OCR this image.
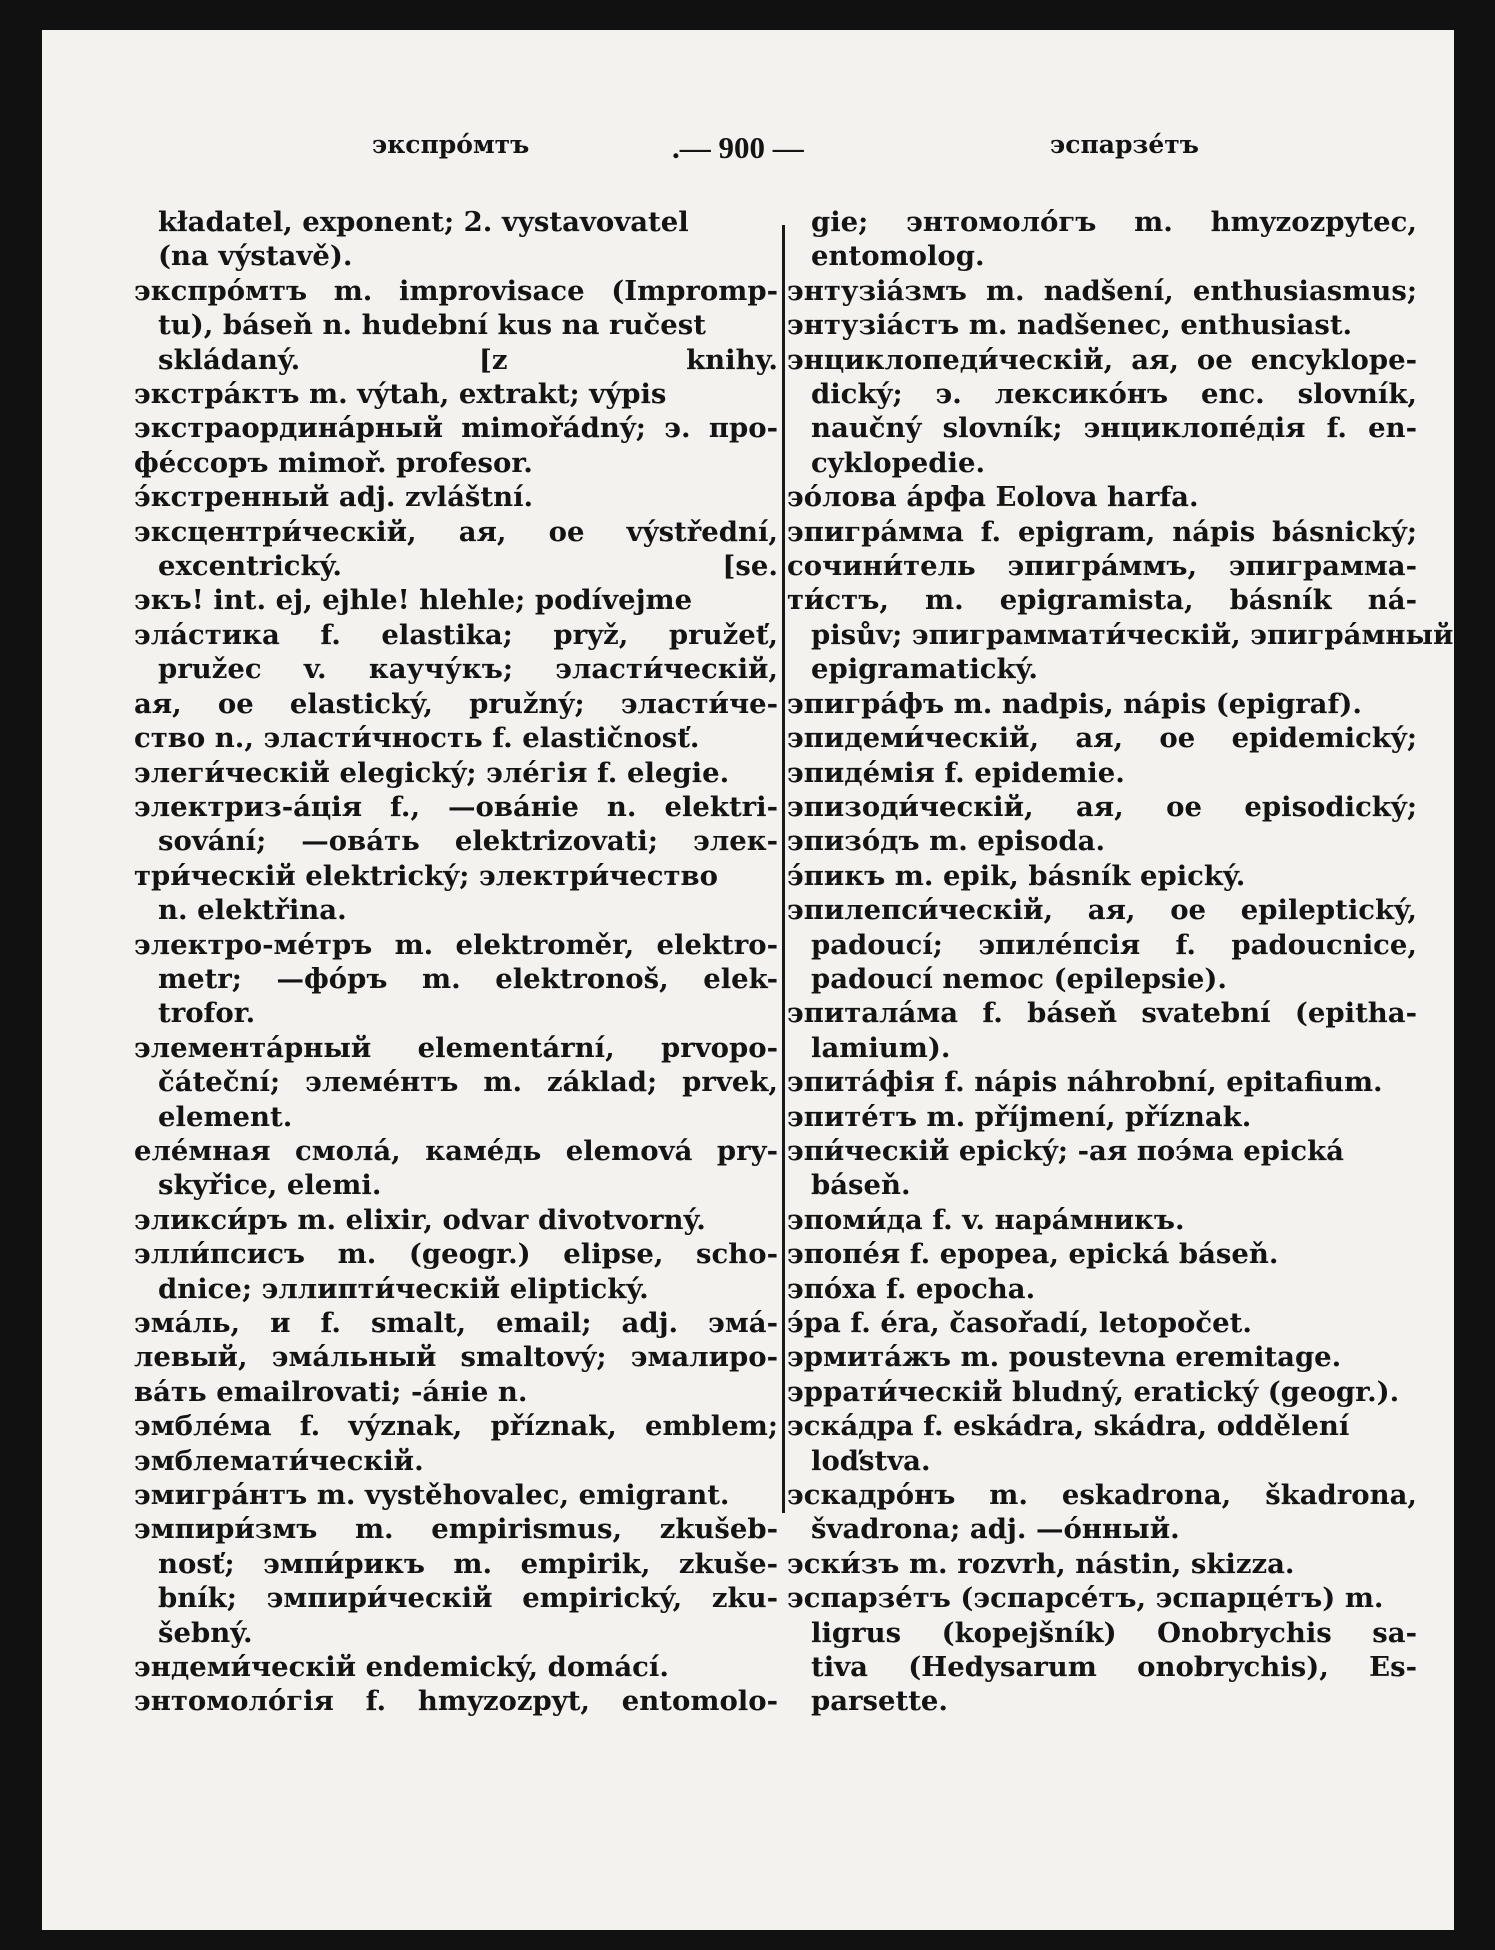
экспро́мтъ	.— 900 —	эспарзе́тъ
kładatel, exponent; 2. vystavovatel
(na výstavě).
экспро́мтъ m. improvisace (Impromp-
tu), báseň n. hudební kus na ručest
skládaný. [z knihy.
экстра́ктъ m. výtah, extrakt; výpis
экстраордина́рный mimořádný; э. про-
фе́ссоръ mimoř. profesor.
э́кстренный adj. zvláštní.
эксцентри́ческій, ая, ое výstřední,
excentrický. [se.
экъ! int. ej, ejhle! hlehle; podívejme
эла́стика f. elastika; pryž, pružeť,
pružec v. каучу́къ; эласти́ческій,
ая, ое elastický, pružný; эласти́че-
ство n., эласти́чность f. elastičnosť.
элеги́ческій elegický; эле́гія f. elegie.
электриз-а́ція f., —ова́ніе n. elektri-
sování; —ова́ть elektrizovati; элек-
три́ческій elektrický; электри́чество
n. elektřina.
электро-ме́тръ m. elektroměr, elektro-
metr; —фо́ръ m. elektronoš, elek-
trofor.
элемента́рный elementární, prvopo-
čáteční; элеме́нтъ m. základ; prvek,
element.
еле́мная смола́, каме́дь elemová pry-
skyřice, elemi.
эликси́ръ m. elixir, odvar divotvorný.
элли́псисъ m. (geogr.) elipse, scho-
dnice; эллипти́ческій eliptický.
эма́ль, и f. smalt, email; adj. эма́-
левый, эма́льный smaltový; эмалиро-
ва́ть emailrovati; -а́ніе n.
эмбле́ма f. význak, příznak, emblem;
эмблемати́ческій.
эмигра́нтъ m. vystěhovalec, emigrant.
эмпири́змъ m. empirismus, zkušeb-
nosť; эмпи́рикъ m. empirik, zkuše-
bník; эмпири́ческій empirický, zku-
šebný.
эндеми́ческій endemický, domácí.
энтомоло́гія f. hmyzozpyt, entomolo-
gie; энтомоло́гъ m. hmyzozpytec,
entomolog.
энтузіа́змъ m. nadšení, enthusiasmus;
энтузіа́стъ m. nadšenec, enthusiast.
энциклопеди́ческій, ая, ое encyklope-
dický; э. лексико́нъ enc. slovník,
naučný slovník; энциклопе́дія f. en-
cyklopedie.
эо́лова а́рфа Eolova harfa.
эпигра́мма f. epigram, nápis básnický;
сочини́тель эпигра́ммъ, эпиграмма-
ти́стъ, m. epigramista, básník ná-
pisův; эпиграммати́ческій, эпигра́мный
epigramatický.
эпигра́фъ m. nadpis, nápis (epigraf).
эпидеми́ческій, ая, ое epidemický;
эпиде́мія f. epidemie.
эпизоди́ческій, ая, ое episodický;
эпизо́дъ m. episoda.
э́пикъ m. epik, básník epický.
эпилепси́ческій, ая, ое epileptický,
padoucí; эпиле́псія f. padoucnice,
padoucí nemoc (epilepsie).
эпитала́ма f. báseň svatební (epitha-
lamium).
эпита́фія f. nápis náhrobní, epitafium.
эпите́тъ m. příjmení, příznak.
эпи́ческій epický; -ая поэ́ма epická
báseň.
эпоми́да f. v. нара́мникъ.
эпопе́я f. epopea, epická báseň.
эпо́ха f. epocha.
э́ра f. éra, časořadí, letopočet.
эрмита́жъ m. poustevna eremitage.
эррати́ческій bludný, eratický (geogr.).
эска́дра f. eskádra, skádra, oddělení
loďstva.
эскадро́нъ m. eskadrona, škadrona,
švadrona; adj. —о́нный.
эски́зъ m. rozvrh, nástin, skizza.
эспарзе́тъ (эспарсе́тъ, эспарце́тъ) m.
ligrus (kopejšník) Onobrychis sa-
tiva (Hedysarum onobrychis), Es-
parsette.
